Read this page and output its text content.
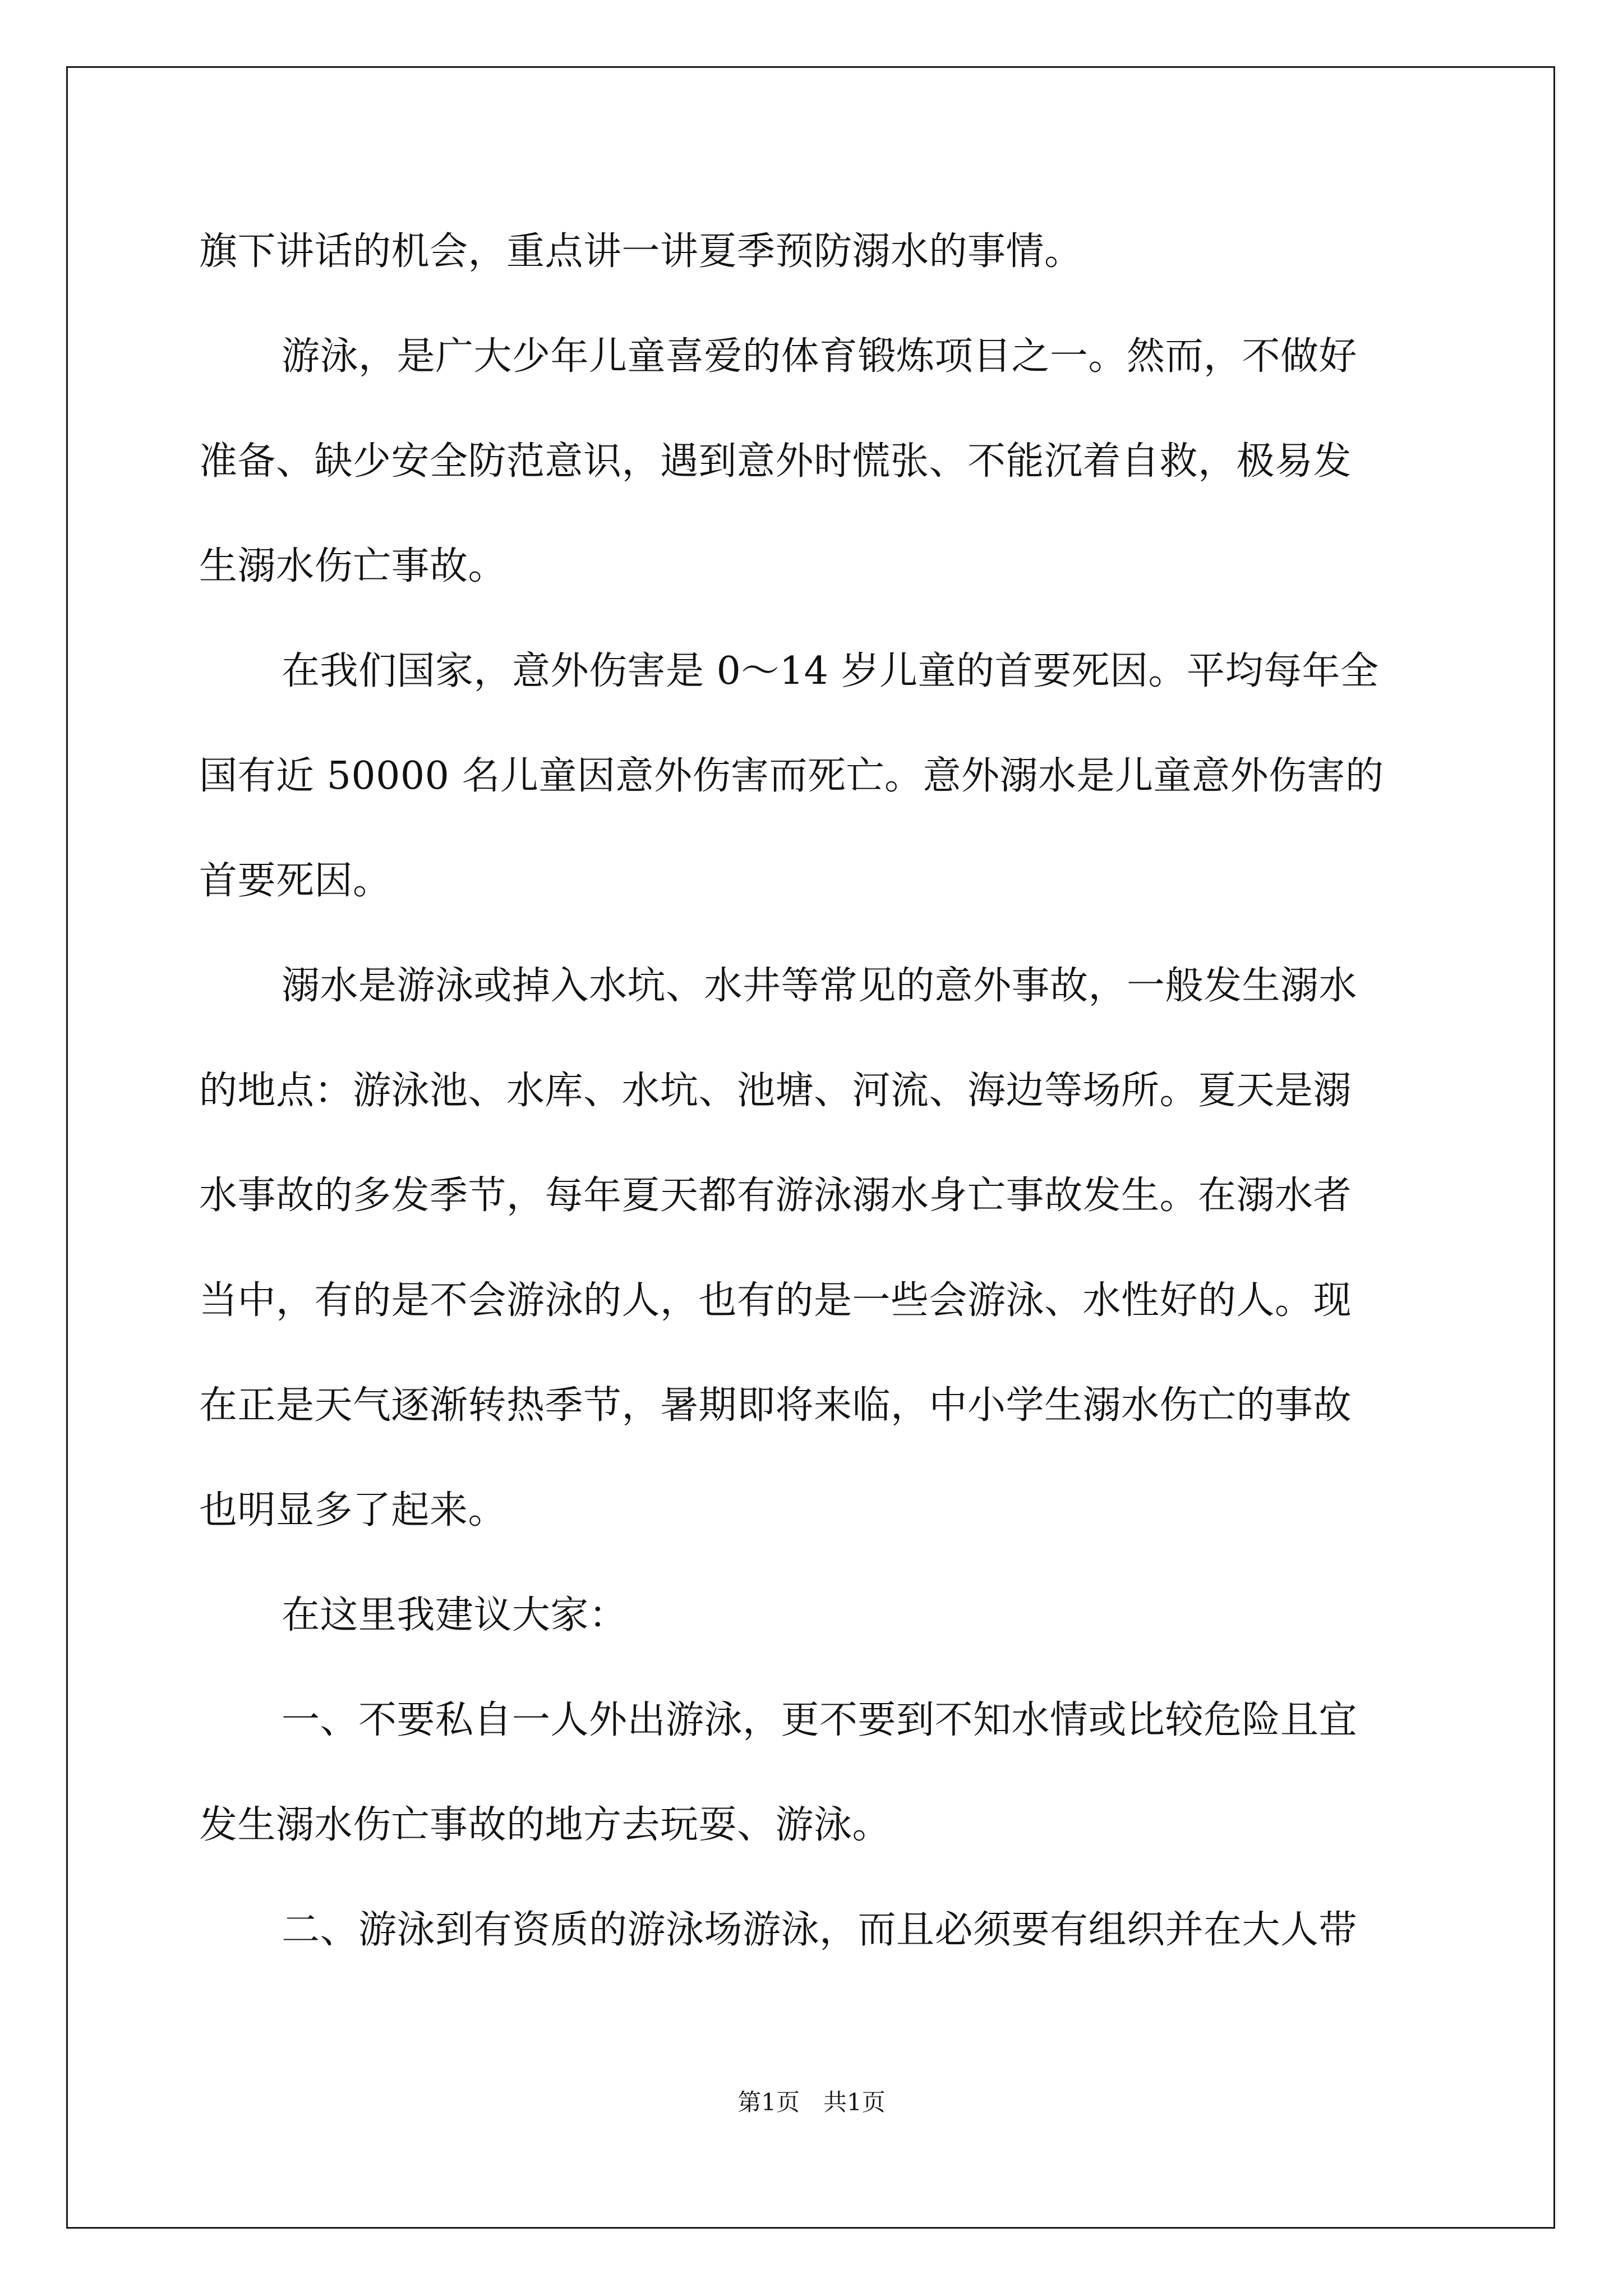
旗下讲话的机会，重点讲一讲夏季预防溺水的事情。
游泳，是广大少年儿童喜爱的体育锻炼项目之一。然而，不做好
准备、缺少安全防范意识，遇到意外时慌张、不能沉着自救，极易发
生溺水伤亡事故。
在我们国家，意外伤害是 0～14 岁儿童的首要死因。平均每年全
国有近 50000 名儿童因意外伤害而死亡。意外溺水是儿童意外伤害的
首要死因。
溺水是游泳或掉入水坑、水井等常见的意外事故，一般发生溺水
的地点：游泳池、水库、水坑、池塘、河流、海边等场所。夏天是溺
水事故的多发季节，每年夏天都有游泳溺水身亡事故发生。在溺水者
当中，有的是不会游泳的人，也有的是一些会游泳、水性好的人。现
在正是天气逐渐转热季节，暑期即将来临，中小学生溺水伤亡的事故
也明显多了起来。
在这里我建议大家：
一、不要私自一人外出游泳，更不要到不知水情或比较危险且宜
发生溺水伤亡事故的地方去玩耍、游泳。
二、游泳到有资质的游泳场游泳，而且必须要有组织并在大人带
第1页　共1页
